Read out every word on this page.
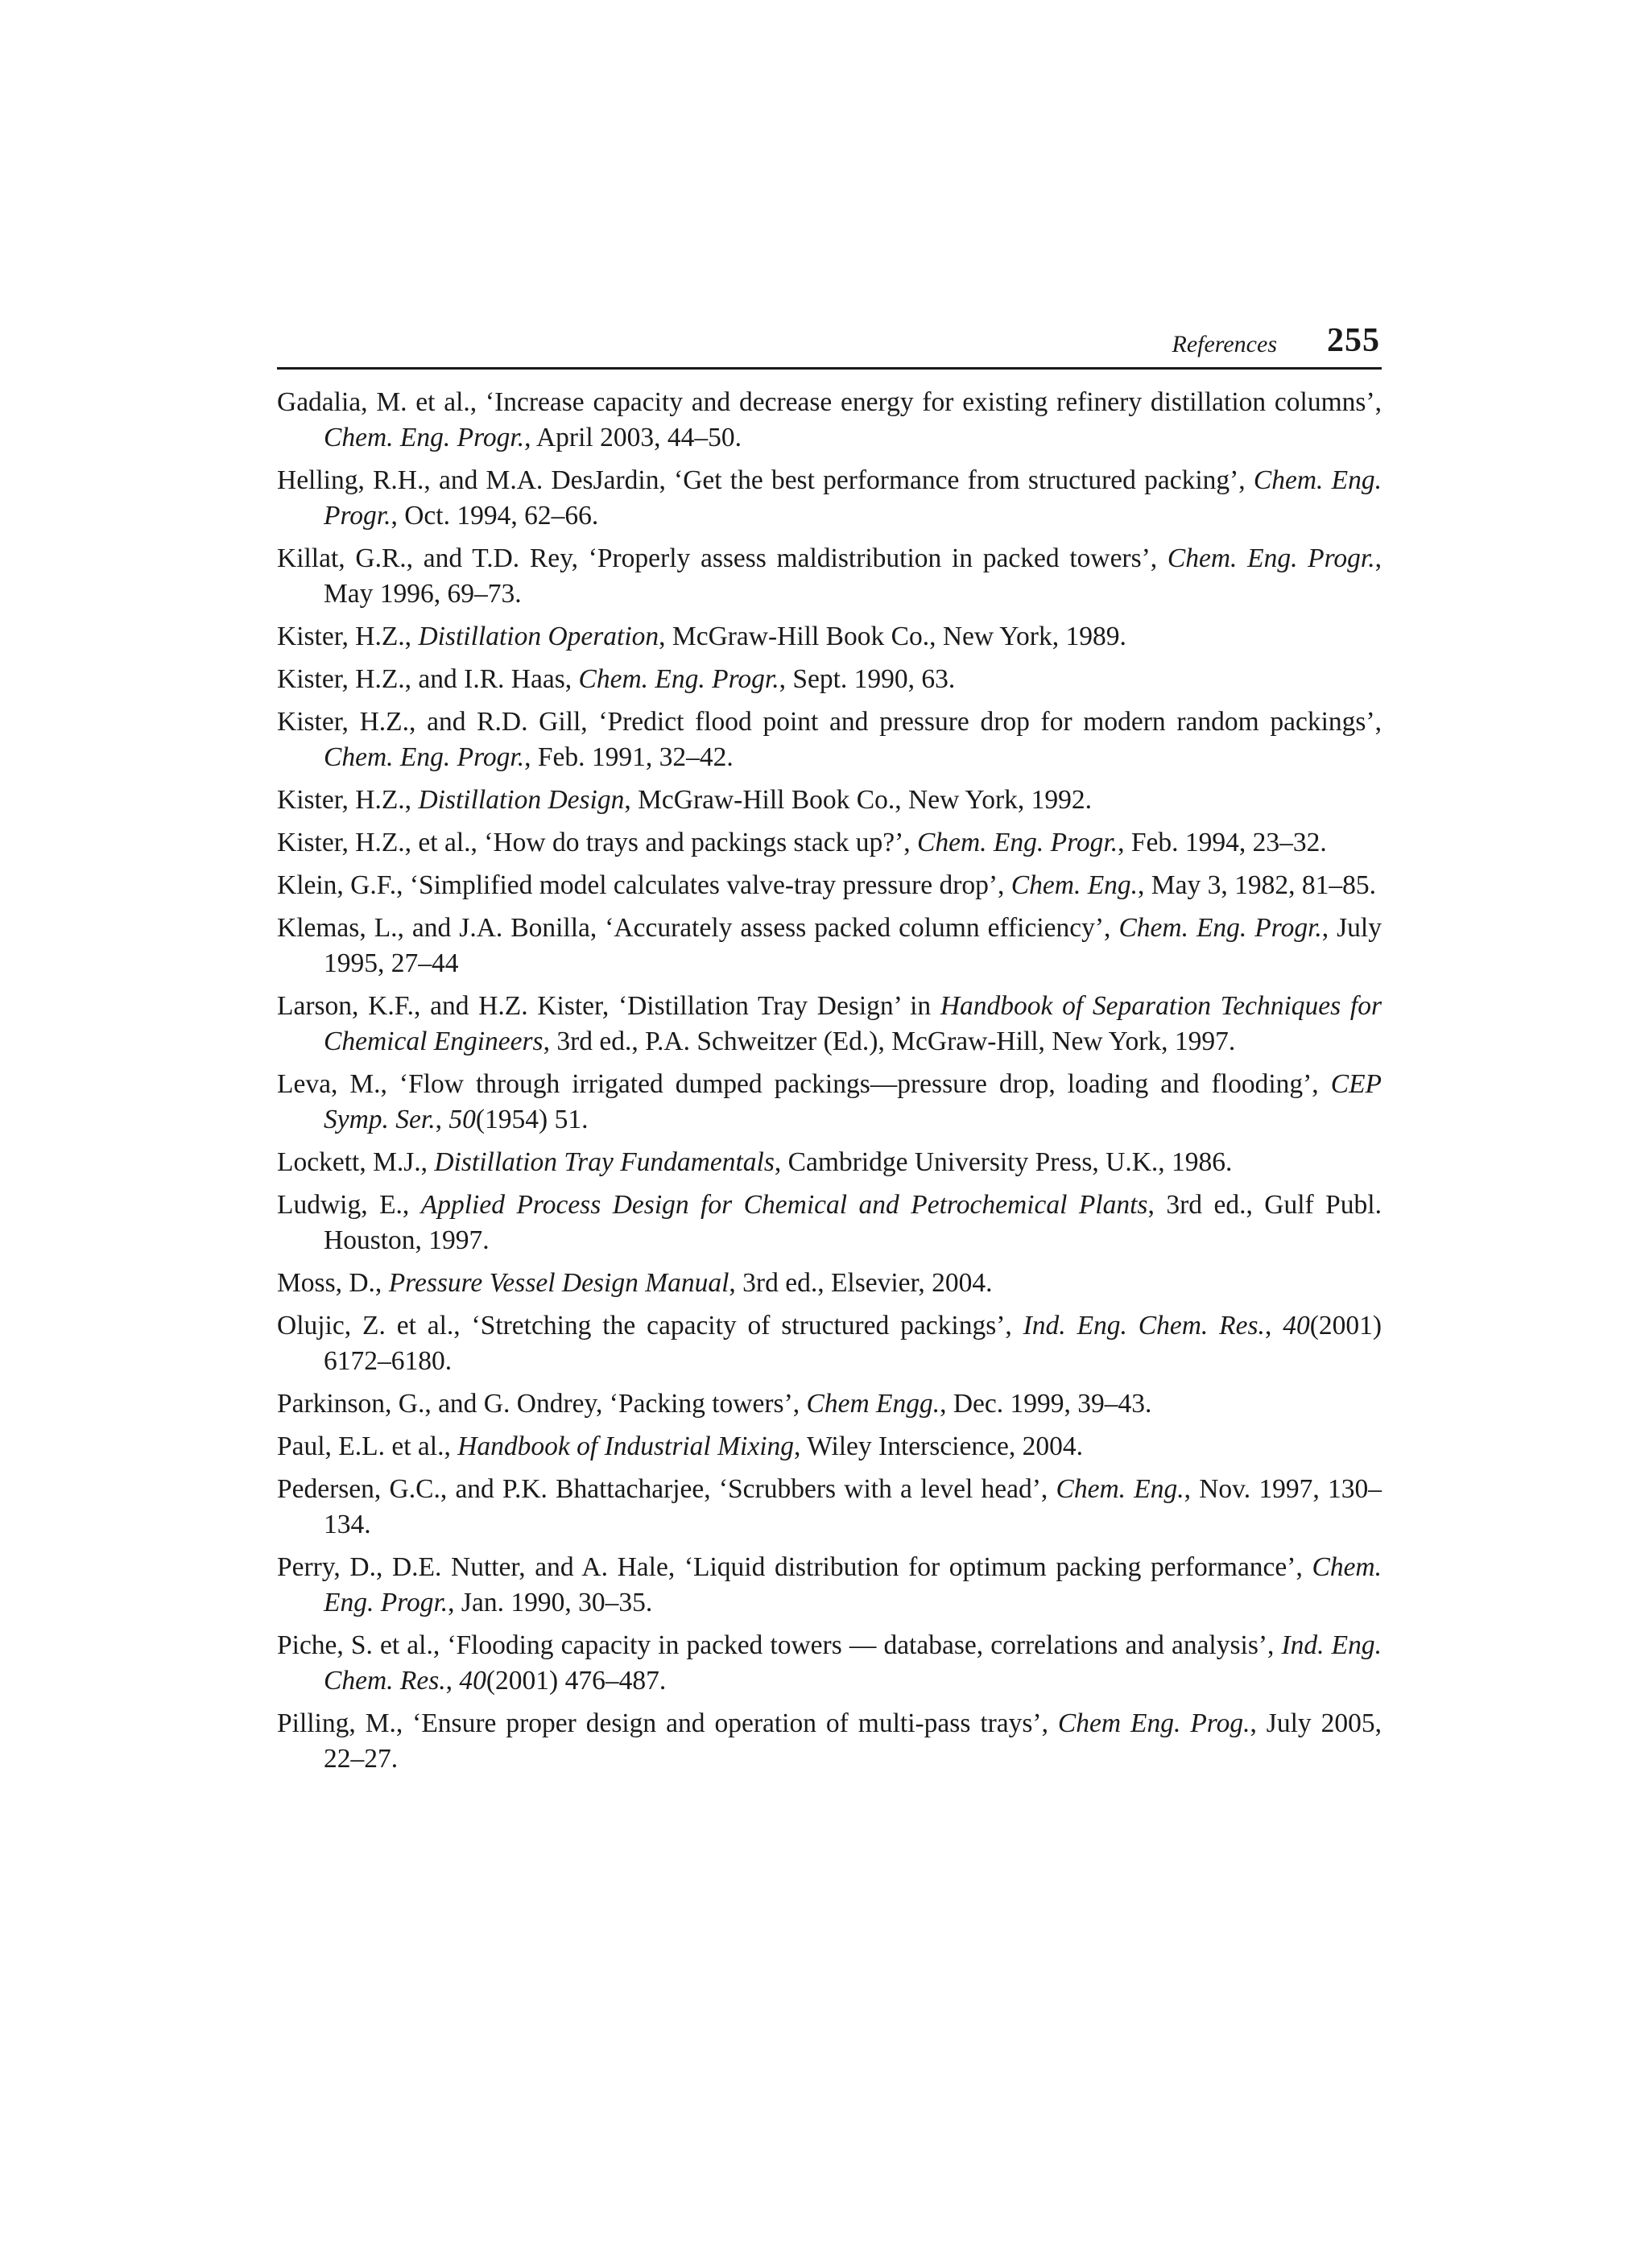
References 255
Gadalia, M. et al., ‘Increase capacity and decrease energy for existing refinery distillation columns’, Chem. Eng. Progr., April 2003, 44–50.
Helling, R.H., and M.A. DesJardin, ‘Get the best performance from structured packing’, Chem. Eng. Progr., Oct. 1994, 62–66.
Killat, G.R., and T.D. Rey, ‘Properly assess maldistribution in packed towers’, Chem. Eng. Progr., May 1996, 69–73.
Kister, H.Z., Distillation Operation, McGraw-Hill Book Co., New York, 1989.
Kister, H.Z., and I.R. Haas, Chem. Eng. Progr., Sept. 1990, 63.
Kister, H.Z., and R.D. Gill, ‘Predict flood point and pressure drop for modern random packings’, Chem. Eng. Progr., Feb. 1991, 32–42.
Kister, H.Z., Distillation Design, McGraw-Hill Book Co., New York, 1992.
Kister, H.Z., et al., ‘How do trays and packings stack up?’, Chem. Eng. Progr., Feb. 1994, 23–32.
Klein, G.F., ‘Simplified model calculates valve-tray pressure drop’, Chem. Eng., May 3, 1982, 81–85.
Klemas, L., and J.A. Bonilla, ‘Accurately assess packed column efficiency’, Chem. Eng. Progr., July 1995, 27–44
Larson, K.F., and H.Z. Kister, ‘Distillation Tray Design’ in Handbook of Separation Techniques for Chemical Engineers, 3rd ed., P.A. Schweitzer (Ed.), McGraw-Hill, New York, 1997.
Leva, M., ‘Flow through irrigated dumped packings—pressure drop, loading and flooding’, CEP Symp. Ser., 50(1954) 51.
Lockett, M.J., Distillation Tray Fundamentals, Cambridge University Press, U.K., 1986.
Ludwig, E., Applied Process Design for Chemical and Petrochemical Plants, 3rd ed., Gulf Publ. Houston, 1997.
Moss, D., Pressure Vessel Design Manual, 3rd ed., Elsevier, 2004.
Olujic, Z. et al., ‘Stretching the capacity of structured packings’, Ind. Eng. Chem. Res., 40(2001) 6172–6180.
Parkinson, G., and G. Ondrey, ‘Packing towers’, Chem Engg., Dec. 1999, 39–43.
Paul, E.L. et al., Handbook of Industrial Mixing, Wiley Interscience, 2004.
Pedersen, G.C., and P.K. Bhattacharjee, ‘Scrubbers with a level head’, Chem. Eng., Nov. 1997, 130–134.
Perry, D., D.E. Nutter, and A. Hale, ‘Liquid distribution for optimum packing performance’, Chem. Eng. Progr., Jan. 1990, 30–35.
Piche, S. et al., ‘Flooding capacity in packed towers — database, correlations and analysis’, Ind. Eng. Chem. Res., 40(2001) 476–487.
Pilling, M., ‘Ensure proper design and operation of multi-pass trays’, Chem Eng. Prog., July 2005, 22–27.
